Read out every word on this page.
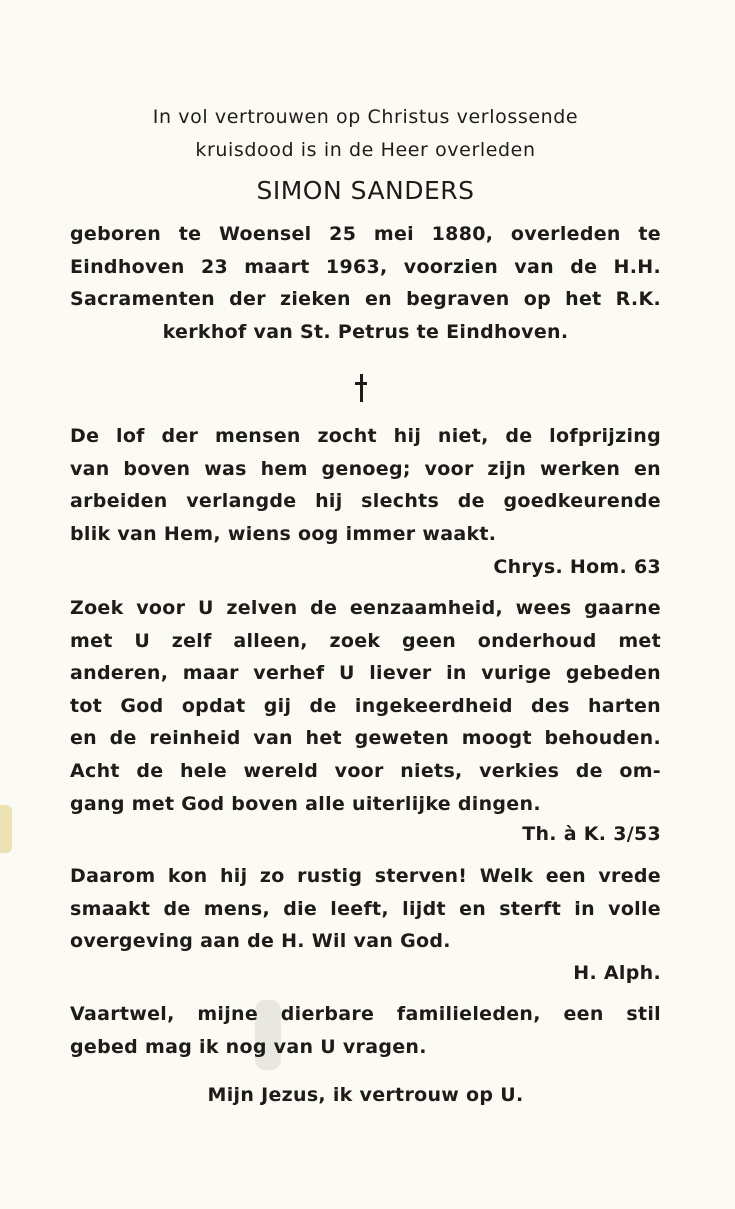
In vol vertrouwen op Christus verlossende
kruisdood is in de Heer overleden
SIMON SANDERS
geboren te Woensel 25 mei 1880, overleden te
Eindhoven 23 maart 1963, voorzien van de H.H.
Sacramenten der zieken en begraven op het R.K.
kerkhof van St. Petrus te Eindhoven.
De lof der mensen zocht hij niet, de lofprijzing
van boven was hem genoeg; voor zijn werken en
arbeiden verlangde hij slechts de goedkeurende
blik van Hem, wiens oog immer waakt.
Chrys. Hom. 63
Zoek voor U zelven de eenzaamheid, wees gaarne
met U zelf alleen, zoek geen onderhoud met
anderen, maar verhef U liever in vurige gebeden
tot God opdat gij de ingekeerdheid des harten
en de reinheid van het geweten moogt behouden.
Acht de hele wereld voor niets, verkies de om-
gang met God boven alle uiterlijke dingen.
Th. à K. 3/53
Daarom kon hij zo rustig sterven! Welk een vrede
smaakt de mens, die leeft, lijdt en sterft in volle
overgeving aan de H. Wil van God.
H. Alph.
Vaartwel, mijne dierbare familieleden, een stil
gebed mag ik nog van U vragen.
Mijn Jezus, ik vertrouw op U.
